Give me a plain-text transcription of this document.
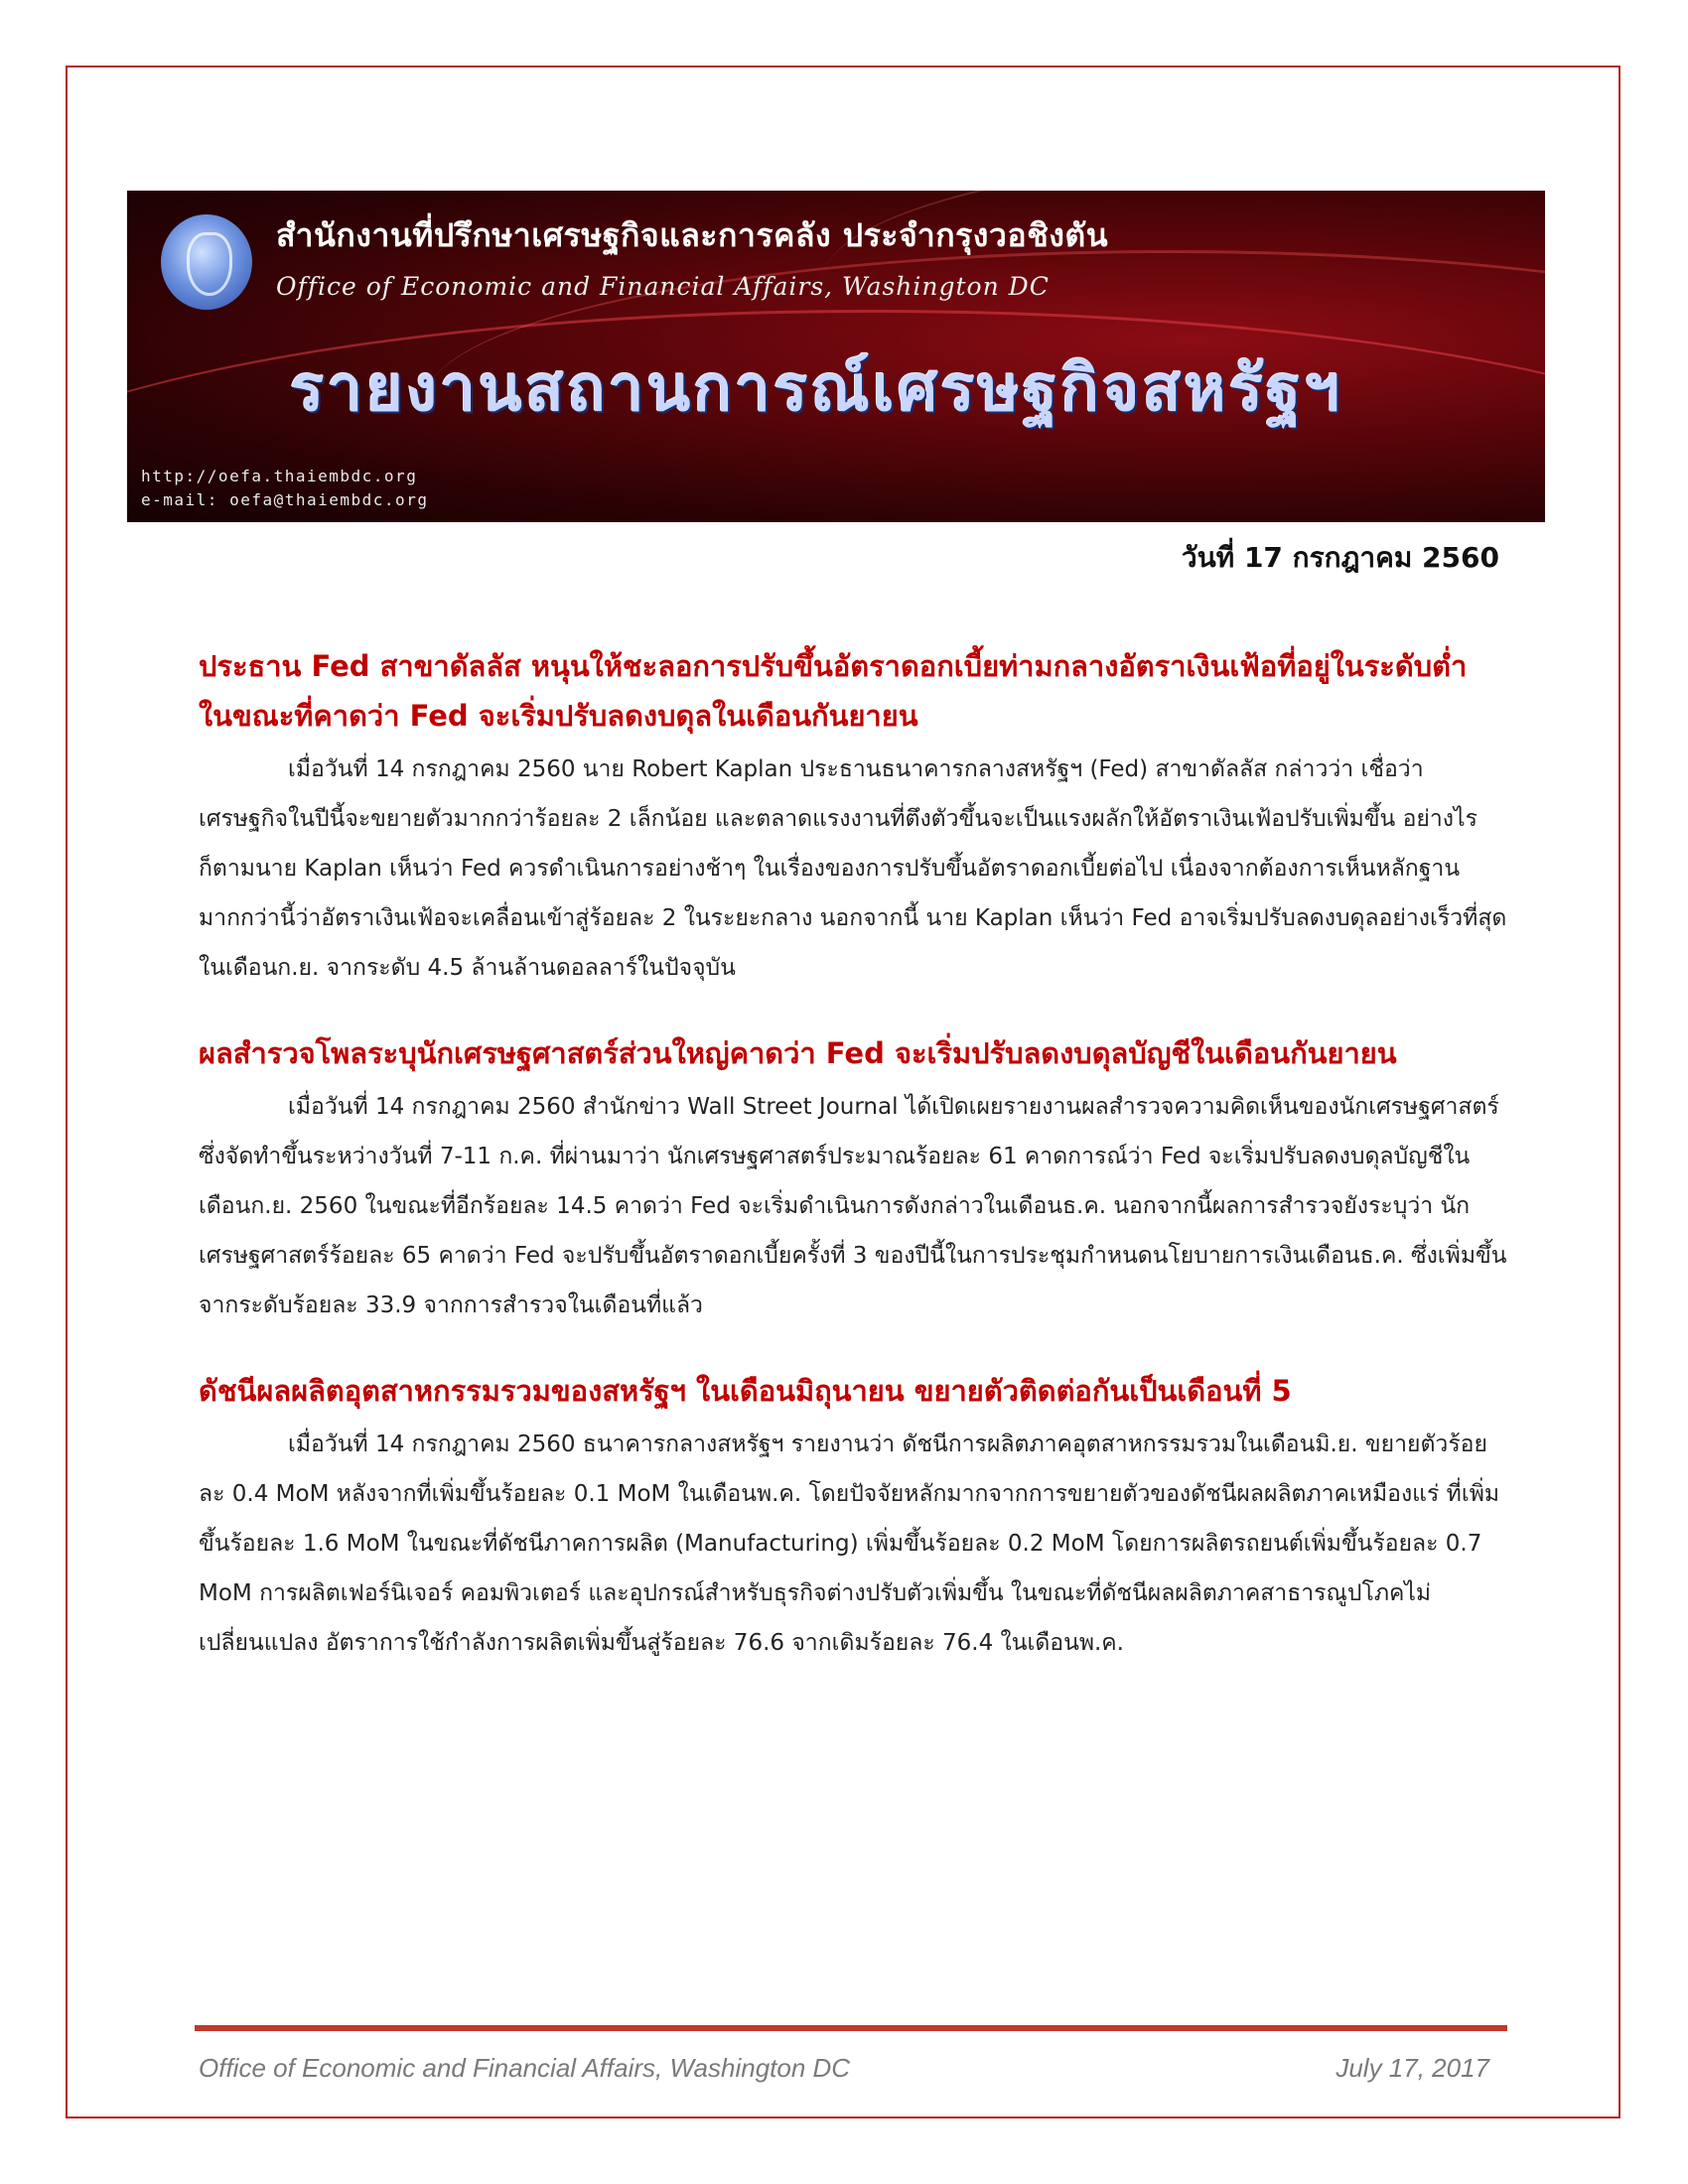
สำนักงานที่ปรึกษาเศรษฐกิจและการคลัง ประจำกรุงวอชิงตัน
Office of Economic and Financial Affairs, Washington DC
รายงานสถานการณ์เศรษฐกิจสหรัฐฯ
http://oefa.thaiembdc.org
e-mail: oefa@thaiembdc.org
วันที่ 17 กรกฎาคม 2560
ประธาน Fed สาขาดัลลัส หนุนให้ชะลอการปรับขึ้นอัตราดอกเบี้ยท่ามกลางอัตราเงินเฟ้อที่อยู่ในระดับต่ำ ในขณะที่คาดว่า Fed จะเริ่มปรับลดงบดุลในเดือนกันยายน

เมื่อวันที่ 14 กรกฎาคม 2560 นาย Robert Kaplan ประธานธนาคารกลางสหรัฐฯ (Fed) สาขาดัลลัส กล่าวว่า เชื่อว่าเศรษฐกิจในปีนี้จะขยายตัวมากกว่าร้อยละ 2 เล็กน้อย และตลาดแรงงานที่ตึงตัวขึ้นจะเป็นแรงผลักให้อัตราเงินเฟ้อปรับเพิ่มขึ้น อย่างไรก็ตามนาย Kaplan เห็นว่า Fed ควรดำเนินการอย่างช้าๆ ในเรื่องของการปรับขึ้นอัตราดอกเบี้ยต่อไป เนื่องจากต้องการเห็นหลักฐานมากกว่านี้ว่าอัตราเงินเฟ้อจะเคลื่อนเข้าสู่ร้อยละ 2 ในระยะกลาง นอกจากนี้ นาย Kaplan เห็นว่า Fed อาจเริ่มปรับลดงบดุลอย่างเร็วที่สุดในเดือนก.ย. จากระดับ 4.5 ล้านล้านดอลลาร์ในปัจจุบัน

ผลสำรวจโพลระบุนักเศรษฐศาสตร์ส่วนใหญ่คาดว่า Fed จะเริ่มปรับลดงบดุลบัญชีในเดือนกันยายน

เมื่อวันที่ 14 กรกฎาคม 2560 สำนักข่าว Wall Street Journal ได้เปิดเผยรายงานผลสำรวจความคิดเห็นของนักเศรษฐศาสตร์ ซึ่งจัดทำขึ้นระหว่างวันที่ 7-11 ก.ค. ที่ผ่านมาว่า นักเศรษฐศาสตร์ประมาณร้อยละ 61 คาดการณ์ว่า Fed จะเริ่มปรับลดงบดุลบัญชีในเดือนก.ย. 2560 ในขณะที่อีกร้อยละ 14.5 คาดว่า Fed จะเริ่มดำเนินการดังกล่าวในเดือนธ.ค. นอกจากนี้ผลการสำรวจยังระบุว่า นักเศรษฐศาสตร์ร้อยละ 65 คาดว่า Fed จะปรับขึ้นอัตราดอกเบี้ยครั้งที่ 3 ของปีนี้ในการประชุมกำหนดนโยบายการเงินเดือนธ.ค. ซึ่งเพิ่มขึ้นจากระดับร้อยละ 33.9 จากการสำรวจในเดือนที่แล้ว

ดัชนีผลผลิตอุตสาหกรรมรวมของสหรัฐฯ ในเดือนมิถุนายน ขยายตัวติดต่อกันเป็นเดือนที่ 5

เมื่อวันที่ 14 กรกฎาคม 2560 ธนาคารกลางสหรัฐฯ รายงานว่า ดัชนีการผลิตภาคอุตสาหกรรมรวมในเดือนมิ.ย. ขยายตัวร้อยละ 0.4 MoM หลังจากที่เพิ่มขึ้นร้อยละ 0.1 MoM ในเดือนพ.ค. โดยปัจจัยหลักมากจากการขยายตัวของดัชนีผลผลิตภาคเหมืองแร่ ที่เพิ่มขึ้นร้อยละ 1.6 MoM ในขณะที่ดัชนีภาคการผลิต (Manufacturing) เพิ่มขึ้นร้อยละ 0.2 MoM โดยการผลิตรถยนต์เพิ่มขึ้นร้อยละ 0.7 MoM การผลิตเฟอร์นิเจอร์ คอมพิวเตอร์ และอุปกรณ์สำหรับธุรกิจต่างปรับตัวเพิ่มขึ้น ในขณะที่ดัชนีผลผลิตภาคสาธารณูปโภคไม่เปลี่ยนแปลง อัตราการใช้กำลังการผลิตเพิ่มขึ้นสู่ร้อยละ 76.6 จากเดิมร้อยละ 76.4 ในเดือนพ.ค.

Office of Economic and Financial Affairs, Washington DC	July 17, 2017
